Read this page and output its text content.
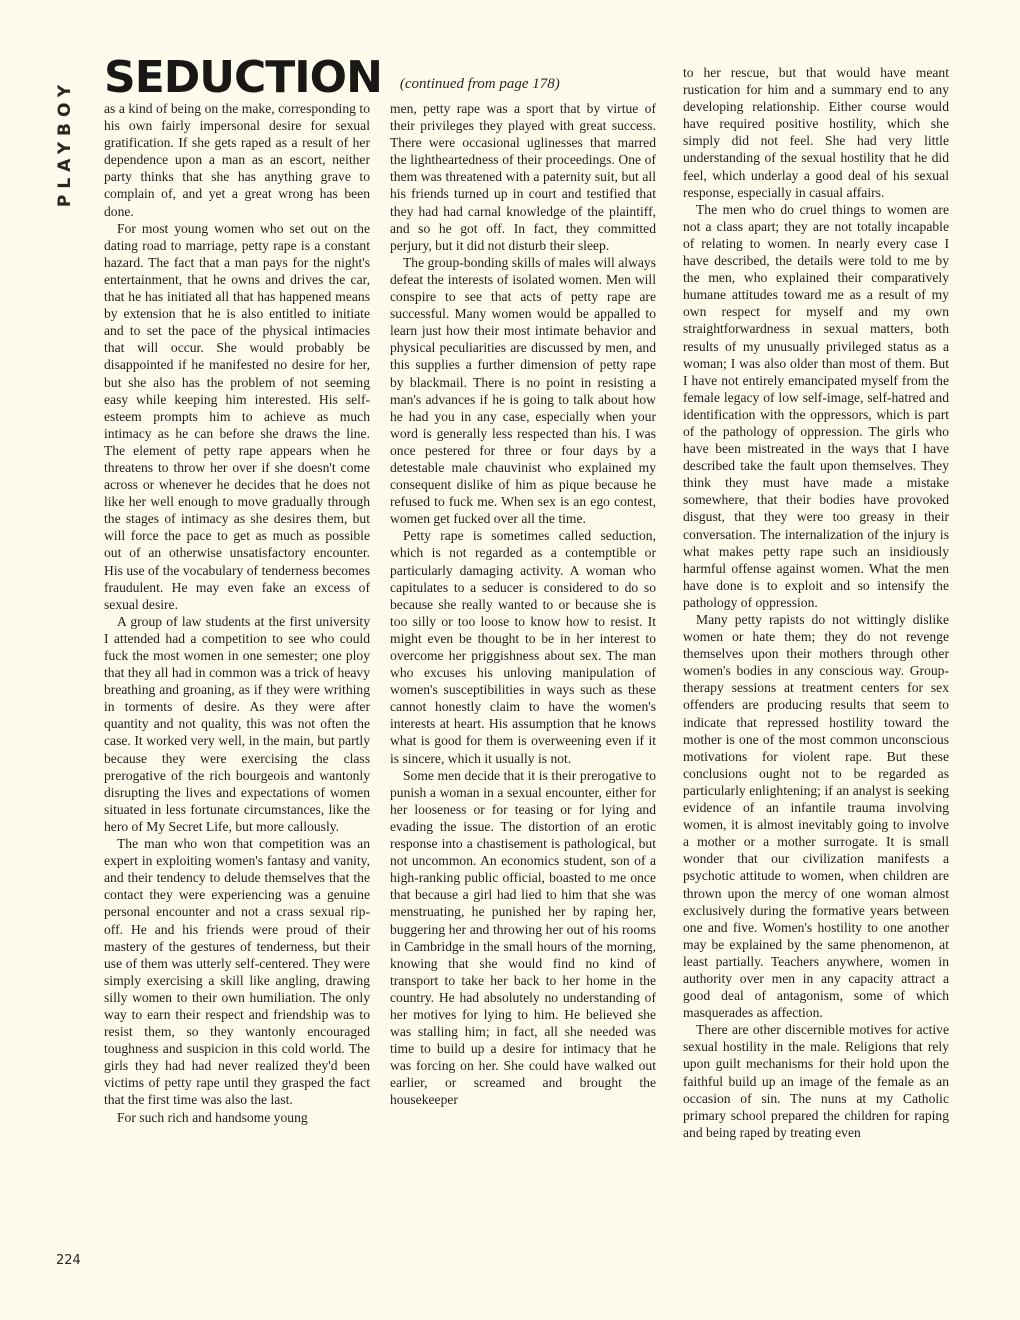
PLAYBOY
SEDUCTION (continued from page 178)

as a kind of being on the make, corresponding to his own fairly impersonal desire for sexual gratification. If she gets raped as a result of her dependence upon a man as an escort, neither party thinks that she has anything grave to complain of, and yet a great wrong has been done.

For most young women who set out on the dating road to marriage, petty rape is a constant hazard. The fact that a man pays for the night's entertainment, that he owns and drives the car, that he has initiated all that has happened means by extension that he is also entitled to initiate and to set the pace of the physical intimacies that will occur. She would probably be disappointed if he manifested no desire for her, but she also has the problem of not seeming easy while keeping him interested. His self-esteem prompts him to achieve as much intimacy as he can before she draws the line. The element of petty rape appears when he threatens to throw her over if she doesn't come across or whenever he decides that he does not like her well enough to move gradually through the stages of intimacy as she desires them, but will force the pace to get as much as possible out of an otherwise unsatisfactory encounter. His use of the vocabulary of tenderness becomes fraudulent. He may even fake an excess of sexual desire.

A group of law students at the first university I attended had a competition to see who could fuck the most women in one semester; one ploy that they all had in common was a trick of heavy breathing and groaning, as if they were writhing in torments of desire. As they were after quantity and not quality, this was not often the case. It worked very well, in the main, but partly because they were exercising the class prerogative of the rich bourgeois and wantonly disrupting the lives and expectations of women situated in less fortunate circumstances, like the hero of My Secret Life, but more callously.

The man who won that competition was an expert in exploiting women's fantasy and vanity, and their tendency to delude themselves that the contact they were experiencing was a genuine personal encounter and not a crass sexual rip-off. He and his friends were proud of their mastery of the gestures of tenderness, but their use of them was utterly self-centered. They were simply exercising a skill like angling, drawing silly women to their own humiliation. The only way to earn their respect and friendship was to resist them, so they wantonly encouraged toughness and suspicion in this cold world. The girls they had had never realized they'd been victims of petty rape until they grasped the fact that the first time was also the last.

For such rich and handsome young

men, petty rape was a sport that by virtue of their privileges they played with great success. There were occasional uglinesses that marred the lightheartedness of their proceedings. One of them was threatened with a paternity suit, but all his friends turned up in court and testified that they had had carnal knowledge of the plaintiff, and so he got off. In fact, they committed perjury, but it did not disturb their sleep.

The group-bonding skills of males will always defeat the interests of isolated women. Men will conspire to see that acts of petty rape are successful. Many women would be appalled to learn just how their most intimate behavior and physical peculiarities are discussed by men, and this supplies a further dimension of petty rape by blackmail. There is no point in resisting a man's advances if he is going to talk about how he had you in any case, especially when your word is generally less respected than his. I was once pestered for three or four days by a detestable male chauvinist who explained my consequent dislike of him as pique because he refused to fuck me. When sex is an ego contest, women get fucked over all the time.

Petty rape is sometimes called seduction, which is not regarded as a contemptible or particularly damaging activity. A woman who capitulates to a seducer is considered to do so because she really wanted to or because she is too silly or too loose to know how to resist. It might even be thought to be in her interest to overcome her priggishness about sex. The man who excuses his unloving manipulation of women's susceptibilities in ways such as these cannot honestly claim to have the women's interests at heart. His assumption that he knows what is good for them is overweening even if it is sincere, which it usually is not.

Some men decide that it is their prerogative to punish a woman in a sexual encounter, either for her looseness or for teasing or for lying and evading the issue. The distortion of an erotic response into a chastisement is pathological, but not uncommon. An economics student, son of a high-ranking public official, boasted to me once that because a girl had lied to him that she was menstruating, he punished her by raping her, buggering her and throwing her out of his rooms in Cambridge in the small hours of the morning, knowing that she would find no kind of transport to take her back to her home in the country. He had absolutely no understanding of her motives for lying to him. He believed she was stalling him; in fact, all she needed was time to build up a desire for intimacy that he was forcing on her. She could have walked out earlier, or screamed and brought the housekeeper

to her rescue, but that would have meant rustication for him and a summary end to any developing relationship. Either course would have required positive hostility, which she simply did not feel. She had very little understanding of the sexual hostility that he did feel, which underlay a good deal of his sexual response, especially in casual affairs.

The men who do cruel things to women are not a class apart; they are not totally incapable of relating to women. In nearly every case I have described, the details were told to me by the men, who explained their comparatively humane attitudes toward me as a result of my own respect for myself and my own straightforwardness in sexual matters, both results of my unusually privileged status as a woman; I was also older than most of them. But I have not entirely emancipated myself from the female legacy of low self-image, self-hatred and identification with the oppressors, which is part of the pathology of oppression. The girls who have been mistreated in the ways that I have described take the fault upon themselves. They think they must have made a mistake somewhere, that their bodies have provoked disgust, that they were too greasy in their conversation. The internalization of the injury is what makes petty rape such an insidiously harmful offense against women. What the men have done is to exploit and so intensify the pathology of oppression.

Many petty rapists do not wittingly dislike women or hate them; they do not revenge themselves upon their mothers through other women's bodies in any conscious way. Group-therapy sessions at treatment centers for sex offenders are producing results that seem to indicate that repressed hostility toward the mother is one of the most common unconscious motivations for violent rape. But these conclusions ought not to be regarded as particularly enlightening; if an analyst is seeking evidence of an infantile trauma involving women, it is almost inevitably going to involve a mother or a mother surrogate. It is small wonder that our civilization manifests a psychotic attitude to women, when children are thrown upon the mercy of one woman almost exclusively during the formative years between one and five. Women's hostility to one another may be explained by the same phenomenon, at least partially. Teachers anywhere, women in authority over men in any capacity attract a good deal of antagonism, some of which masquerades as affection.

There are other discernible motives for active sexual hostility in the male. Religions that rely upon guilt mechanisms for their hold upon the faithful build up an image of the female as an occasion of sin. The nuns at my Catholic primary school prepared the children for raping and being raped by treating even

224
